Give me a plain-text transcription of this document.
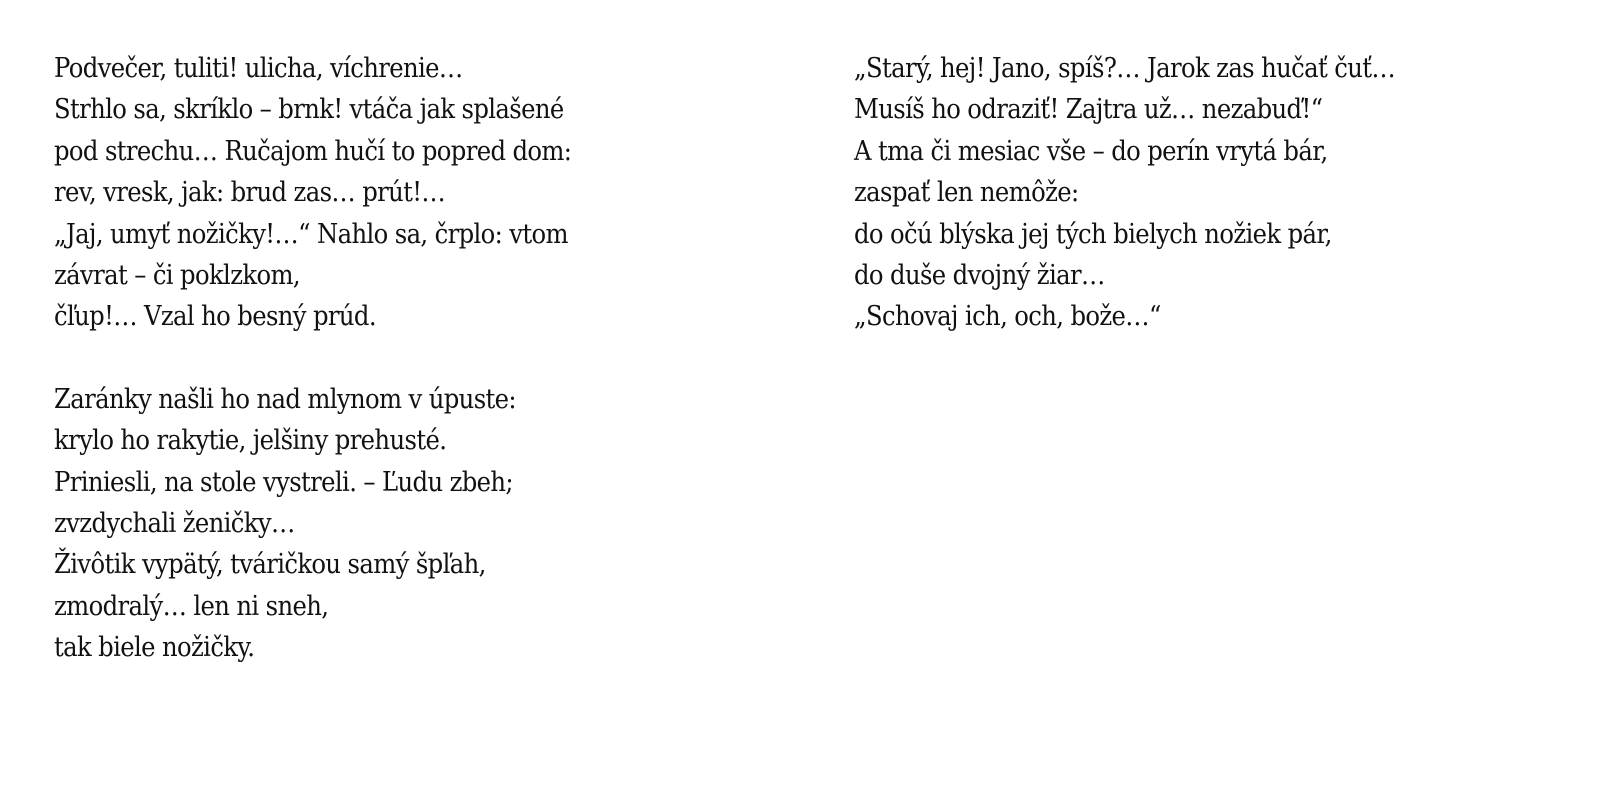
Podvečer, tuliti! ulicha, víchrenie…
Strhlo sa, skríklo – brnk! vtáča jak splašené
pod strechu… Ručajom hučí to popred dom:
rev, vresk, jak: brud zas… prút!…
„Jaj, umyť nožičky!…“ Nahlo sa, črplo: vtom
závrat – či poklzkom,
čľup!… Vzal ho besný prúd.
Zaránky našli ho nad mlynom v úpuste:
krylo ho rakytie, jelšiny prehusté.
Priniesli, na stole vystreli. – Ľudu zbeh;
zvzdychali ženičky…
Živôtik vypätý, tváričkou samý špľah,
zmodralý… len ni sneh,
tak biele nožičky.
„Starý, hej! Jano, spíš?… Jarok zas hučať čuť…
Musíš ho odraziť! Zajtra už… nezabuď!“
A tma či mesiac vše – do perín vrytá bár,
zaspať len nemôže:
do očú blýska jej tých bielych nožiek pár,
do duše dvojný žiar…
„Schovaj ich, och, bože…“
